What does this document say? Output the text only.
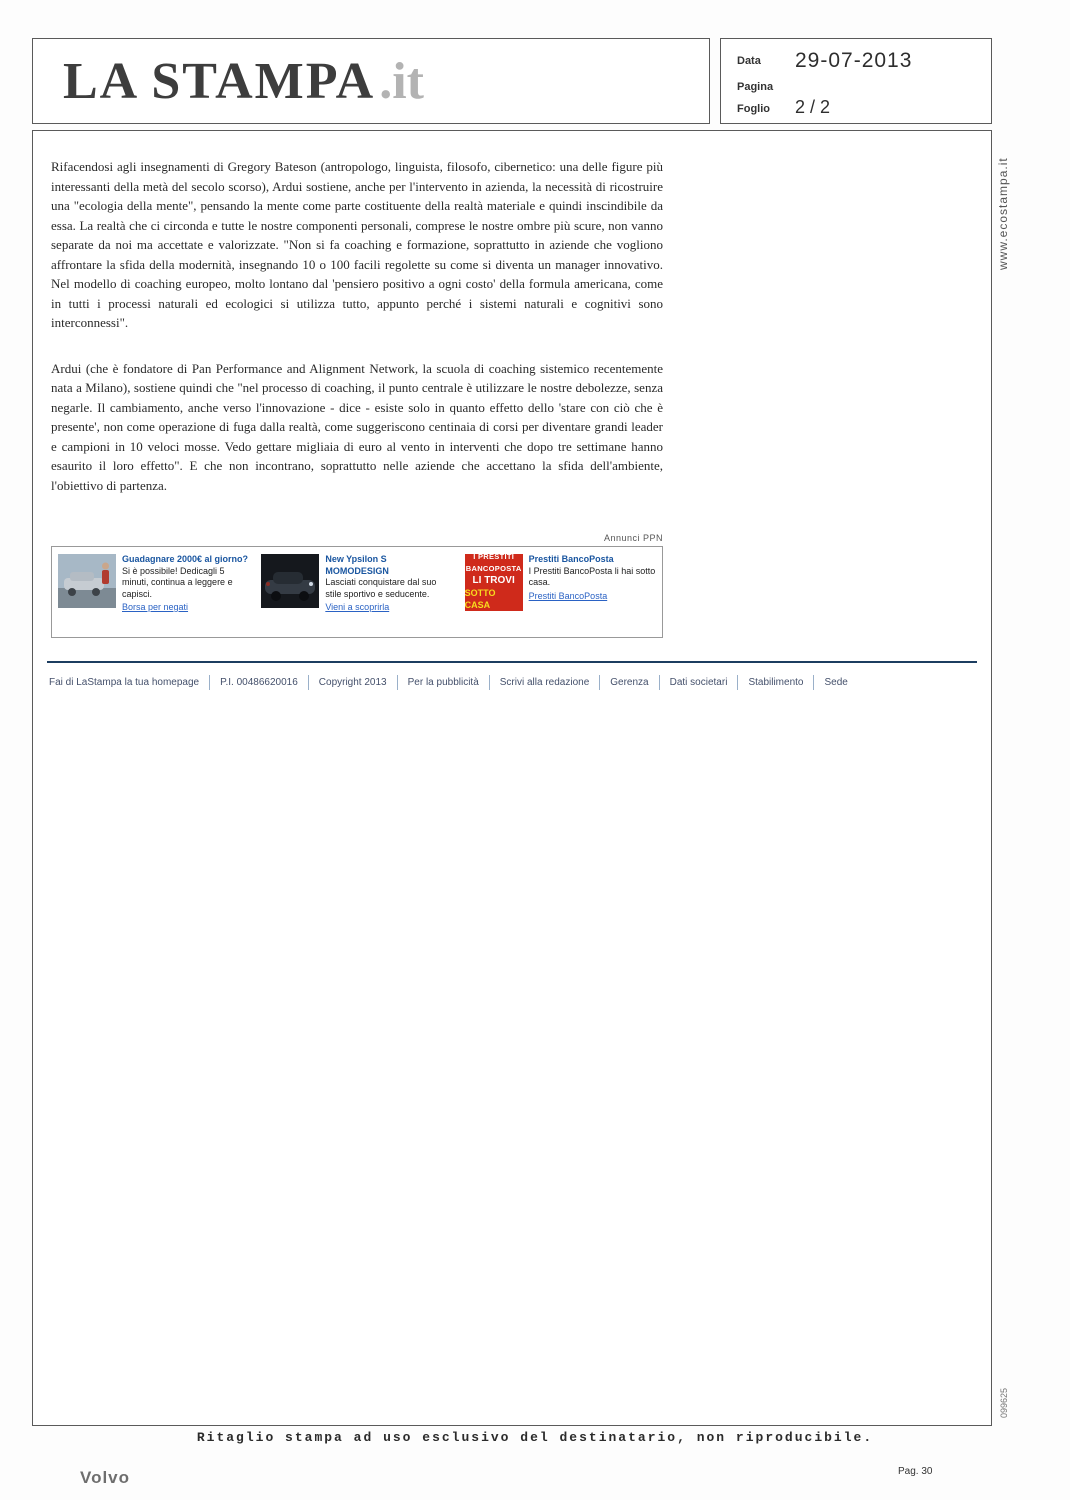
LA STAMPA .it	Data 29-07-2013
Pagina
Foglio 2 / 2
www.ecostampa.it
099625

Rifacendosi agli insegnamenti di Gregory Bateson (antropologo, linguista, filosofo, cibernetico: una delle figure più interessanti della metà del secolo scorso), Ardui sostiene, anche per l'intervento in azienda, la necessità di ricostruire una "ecologia della mente", pensando la mente come parte costituente della realtà materiale e quindi inscindibile da essa. La realtà che ci circonda e tutte le nostre componenti personali, comprese le nostre ombre più scure, non vanno separate da noi ma accettate e valorizzate. "Non si fa coaching e formazione, soprattutto in aziende che vogliono affrontare la sfida della modernità, insegnando 10 o 100 facili regolette su come si diventa un manager innovativo. Nel modello di coaching europeo, molto lontano dal 'pensiero positivo a ogni costo' della formula americana, come in tutti i processi naturali ed ecologici si utilizza tutto, appunto perché i sistemi naturali e cognitivi sono interconnessi".

Ardui (che è fondatore di Pan Performance and Alignment Network, la scuola di coaching sistemico recentemente nata a Milano), sostiene quindi che "nel processo di coaching, il punto centrale è utilizzare le nostre debolezze, senza negarle. Il cambiamento, anche verso l'innovazione - dice - esiste solo in quanto effetto dello 'stare con ciò che è presente', non come operazione di fuga dalla realtà, come suggeriscono centinaia di corsi per diventare grandi leader e campioni in 10 veloci mosse. Vedo gettare migliaia di euro al vento in interventi che dopo tre settimane hanno esaurito il loro effetto". E che non incontrano, soprattutto nelle aziende che accettano la sfida dell'ambiente, l'obiettivo di partenza.

Annunci PPN
Guadagnare 2000€ al giorno?
Si è possibile! Dedicagli 5 minuti, continua a leggere e capisci.
Borsa per negati
New Ypsilon S MOMODESIGN
Lasciati conquistare dal suo stile sportivo e seducente.
Vieni a scoprirla
I PRESTITI
BANCOPOSTA
LI TROVI
SOTTO CASA
Prestiti BancoPosta
I Prestiti BancoPosta li hai sotto casa.
Prestiti BancoPosta
Fai di LaStampa la tua homepage	P.I. 00486620016	Copyright 2013	Per la pubblicità	Scrivi alla redazione	Gerenza	Dati societari	Stabilimento	Sede
Ritaglio stampa ad uso esclusivo del destinatario, non riproducibile.
Volvo	Pag. 30
